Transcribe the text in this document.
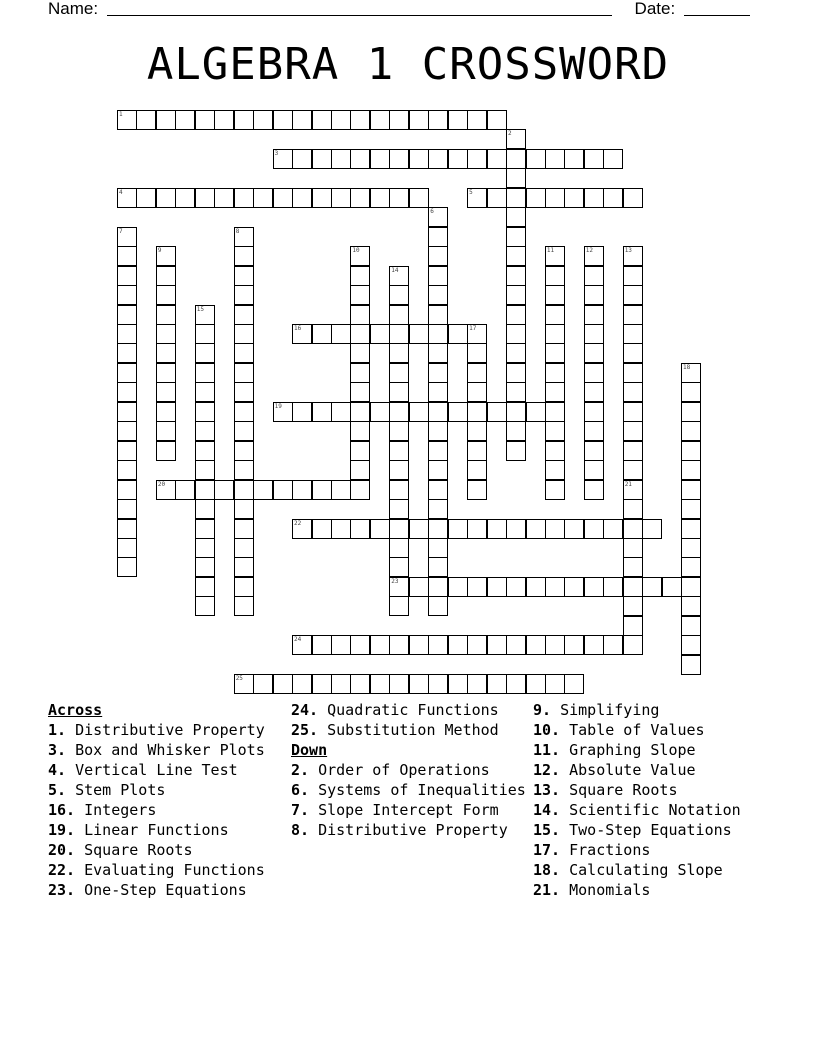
Name:	Date:
ALGEBRA 1 CROSSWORD
1
2
3
4	5
6
7	8
9	10	11	12	13
14
15
16	17
18
19
20	21
22
23
24
25
Across
1. Distributive Property
3. Box and Whisker Plots
4. Vertical Line Test
5. Stem Plots
16. Integers
19. Linear Functions
20. Square Roots
22. Evaluating Functions
23. One-Step Equations
24. Quadratic Functions
25. Substitution Method
Down
2. Order of Operations
6. Systems of Inequalities
7. Slope Intercept Form
8. Distributive Property
9. Simplifying
10. Table of Values
11. Graphing Slope
12. Absolute Value
13. Square Roots
14. Scientific Notation
15. Two-Step Equations
17. Fractions
18. Calculating Slope
21. Monomials
